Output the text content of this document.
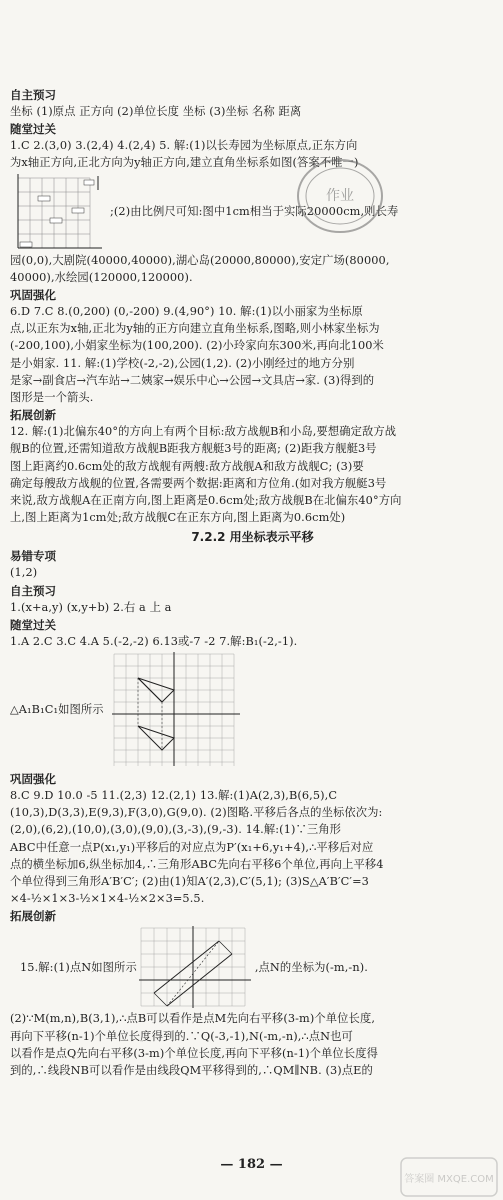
自主预习
坐标 (1)原点 正方向 (2)单位长度 坐标 (3)坐标 名称 距离
随堂过关
1.C 2.(3,0) 3.(2,4) 4.(2,4) 5. 解:(1)以长寿园为坐标原点,正东方向
为x轴正方向,正北方向为y轴正方向,建立直角坐标系如图(答案不唯一)
;(2)由比例尺可知:图中1cm相当于实际20000cm,则长寿
园(0,0),大剧院(40000,40000),湖心岛(20000,80000),安定广场(80000,
40000),水绘园(120000,120000).
巩固强化
6.D 7.C 8.(0,200) (0,-200) 9.(4,90°) 10. 解:(1)以小丽家为坐标原
点,以正东为x轴,正北为y轴的正方向建立直角坐标系,图略,则小林家坐标为
(-200,100),小娟家坐标为(100,200). (2)小玲家向东300米,再向北100米
是小娟家. 11. 解:(1)学校(-2,-2),公园(1,2). (2)小刚经过的地方分别
是家→副食店→汽车站→二姨家→娱乐中心→公园→文具店→家. (3)得到的
图形是一个箭头.
拓展创新
12. 解:(1)北偏东40°的方向上有两个目标:敌方战舰B和小岛,要想确定敌方战
舰B的位置,还需知道敌方战舰B距我方舰艇3号的距离; (2)距我方舰艇3号
图上距离约0.6cm处的敌方战舰有两艘:敌方战舰A和敌方战舰C; (3)要
确定每艘敌方战舰的位置,各需要两个数据:距离和方位角.(如对我方舰艇3号
来说,敌方战舰A在正南方向,图上距离是0.6cm处;敌方战舰B在北偏东40°方向
上,图上距离为1cm处;敌方战舰C在正东方向,图上距离为0.6cm处)
7.2.2 用坐标表示平移
易错专项
(1,2)
自主预习
1.(x+a,y) (x,y+b) 2.右 a 上 a
随堂过关
1.A 2.C 3.C 4.A 5.(-2,-2) 6.13或-7 -2 7.解:B₁(-2,-1).
△A₁B₁C₁如图所示
巩固强化
8.C 9.D 10.0 -5 11.(2,3) 12.(2,1) 13.解:(1)A(2,3),B(6,5),C
(10,3),D(3,3),E(9,3),F(3,0),G(9,0). (2)图略.平移后各点的坐标依次为:
(2,0),(6,2),(10,0),(3,0),(9,0),(3,-3),(9,-3). 14.解:(1)∵三角形
ABC中任意一点P(x₁,y₁)平移后的对应点为P′(x₁+6,y₁+4),∴平移后对应
点的横坐标加6,纵坐标加4,∴三角形ABC先向右平移6个单位,再向上平移4
个单位得到三角形A′B′C′; (2)由(1)知A′(2,3),C′(5,1); (3)S△A′B′C′=3
×4-½×1×3-½×1×4-½×2×3=5.5.
拓展创新
15.解:(1)点N如图所示	,点N的坐标为(-m,-n).
(2)∵M(m,n),B(3,1),∴点B可以看作是点M先向右平移(3-m)个单位长度,
再向下平移(n-1)个单位长度得到的.∵Q(-3,-1),N(-m,-n),∴点N也可
以看作是点Q先向右平移(3-m)个单位长度,再向下平移(n-1)个单位长度得
到的,∴线段NB可以看作是由线段QM平移得到的,∴QM∥NB. (3)点E的
作业
— 182 —
答案圈 MXQE.COM
